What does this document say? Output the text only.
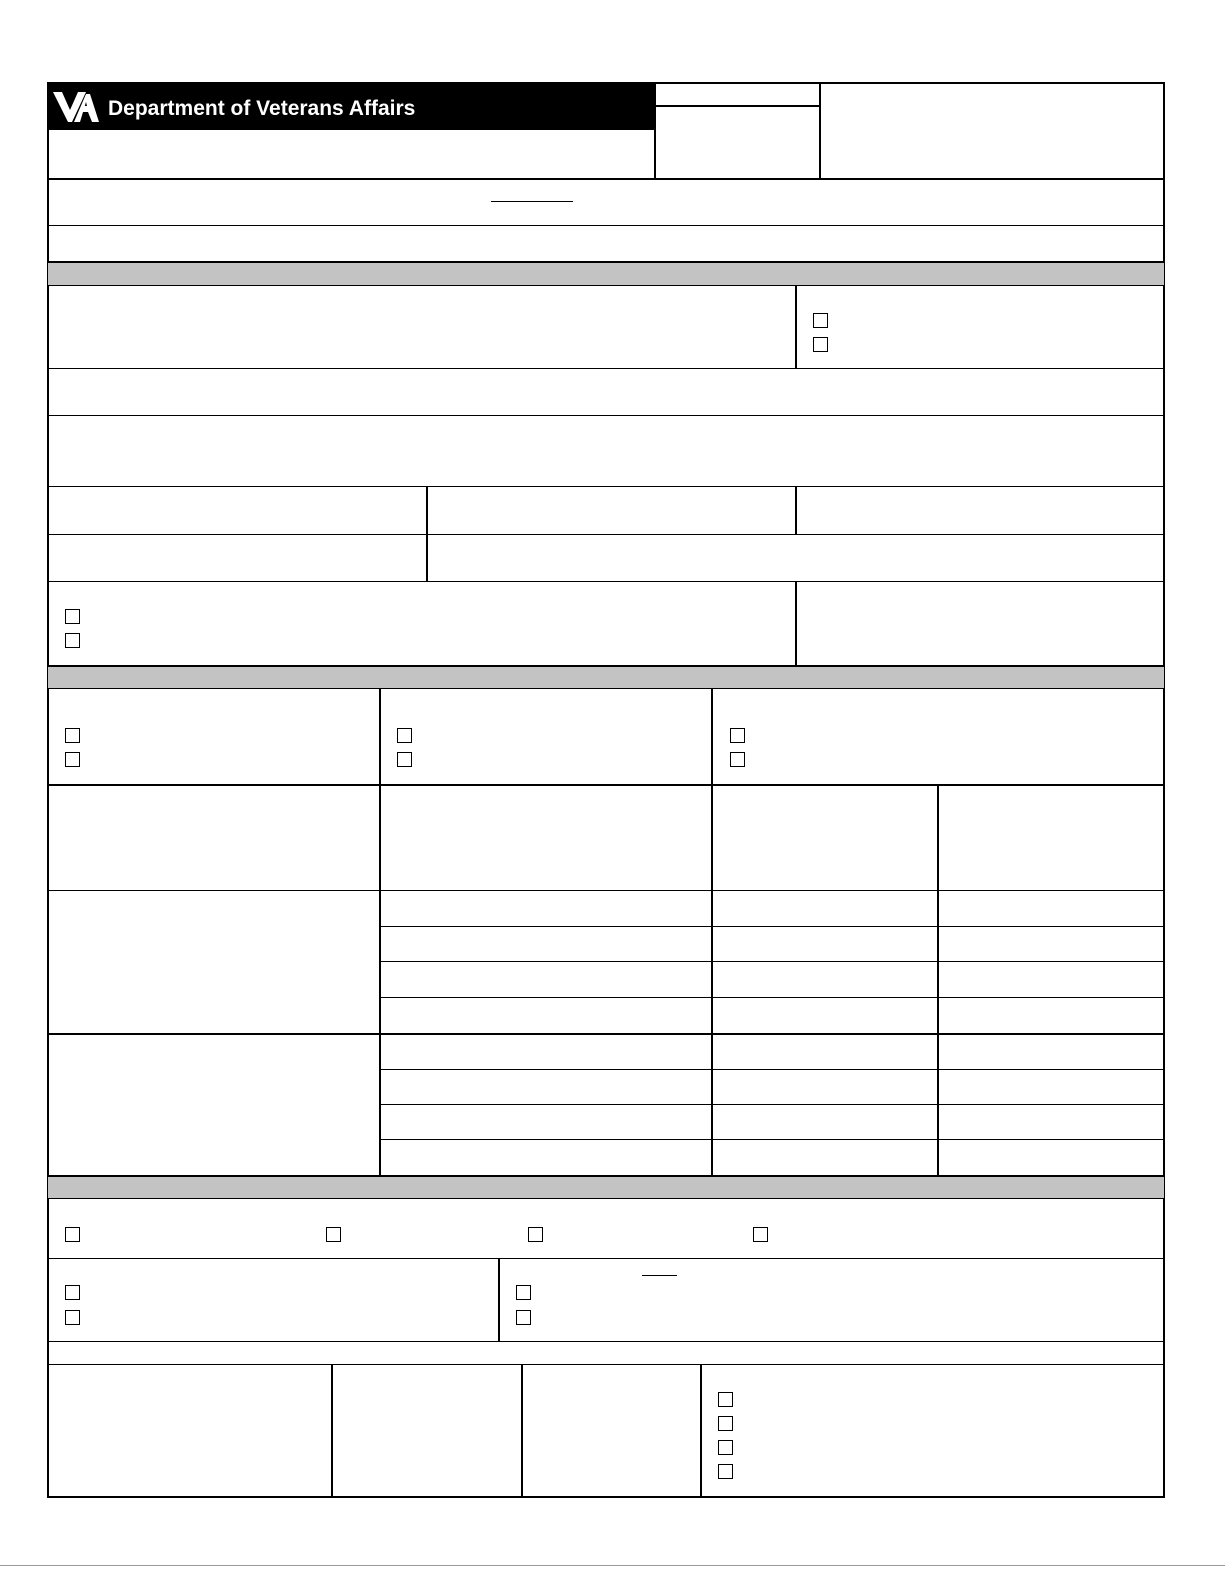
Department of Veterans Affairs
